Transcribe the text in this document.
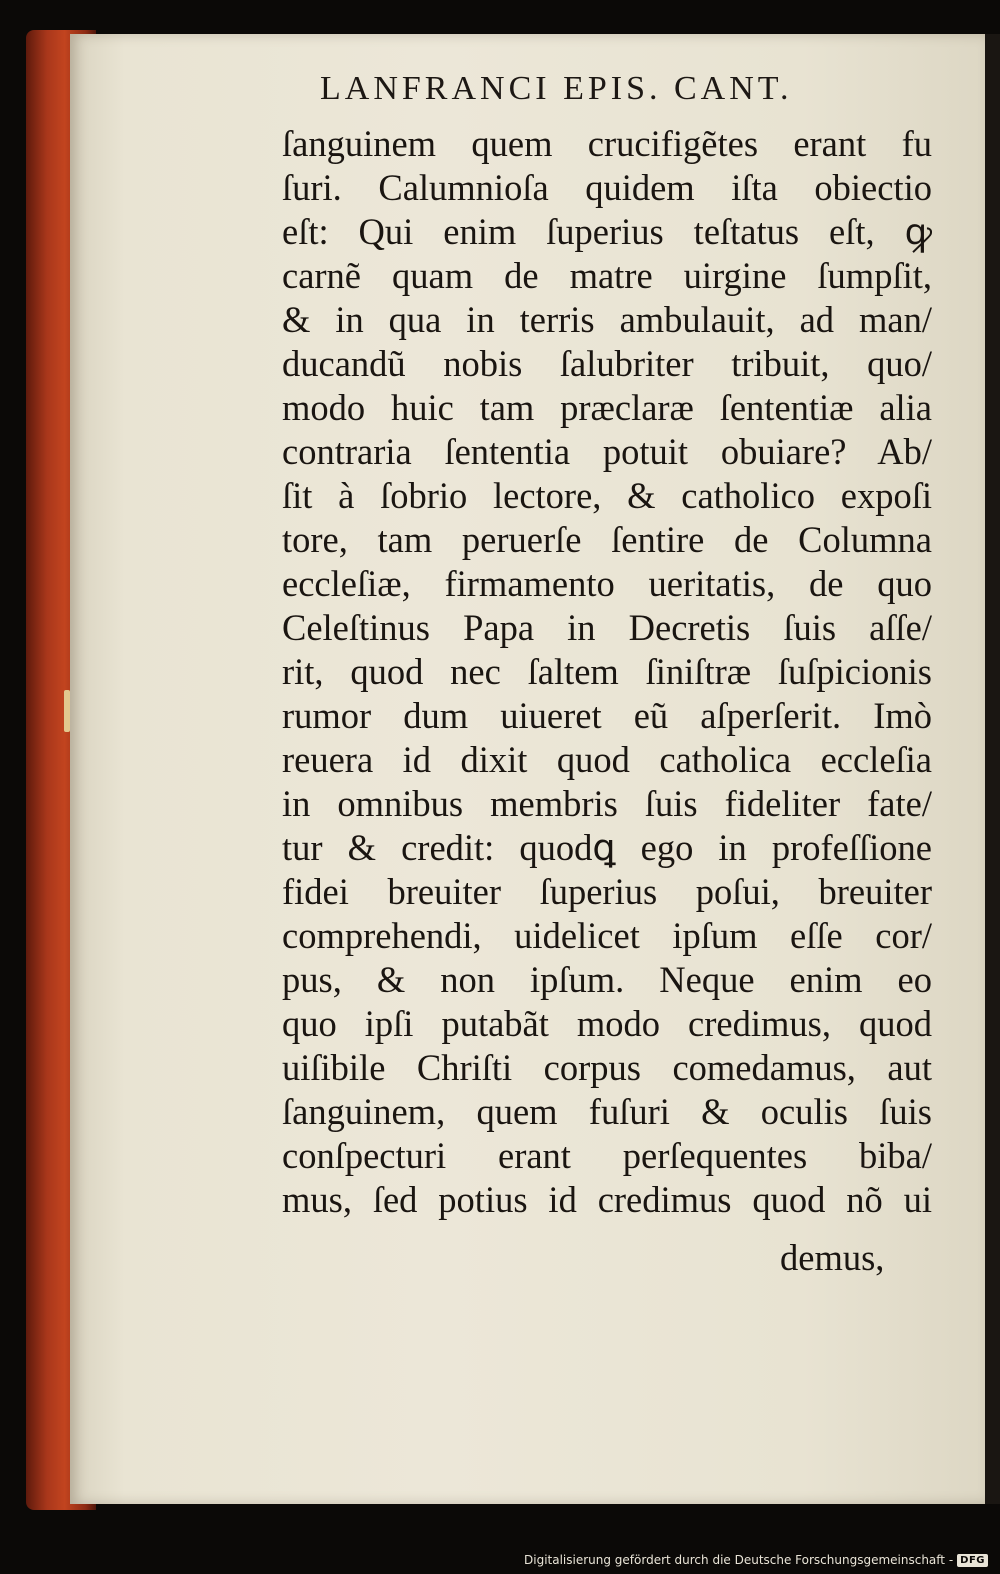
LANFRANCI EPIS. CANT.
ſanguinem quem crucifigẽtes erant fu
ſuri. Calumnioſa quidem iſta obiectio
eſt: Qui enim ſuperius teſtatus eſt, ꝙ
carnẽ quam de matre uirgine ſumpſit,
& in qua in terris ambulauit, ad man/
ducandũ nobis ſalubriter tribuit, quo/
modo huic tam præclaræ ſententiæ alia
contraria ſententia potuit obuiare? Ab/
ſit à ſobrio lectore, & catholico expoſi
tore, tam peruerſe ſentire de Columna
eccleſiæ, firmamento ueritatis, de quo
Celeſtinus Papa in Decretis ſuis aſſe/
rit, quod nec ſaltem ſiniſtræ ſuſpicionis
rumor dum uiueret eũ aſperſerit. Imò
reuera id dixit quod catholica eccleſia
in omnibus membris ſuis fideliter fate/
tur & credit: quodꝗ ego in profeſſione
fidei breuiter ſuperius poſui, breuiter
comprehendi, uidelicet ipſum eſſe cor/
pus, & non ipſum. Neque enim eo
quo ipſi putabãt modo credimus, quod
uiſibile Chriſti corpus comedamus, aut
ſanguinem, quem fuſuri & oculis ſuis
conſpecturi erant perſequentes biba/
mus, ſed potius id credimus quod nõ ui
demus,
Digitalisierung gefördert durch die Deutsche Forschungsgemeinschaft - DFG
